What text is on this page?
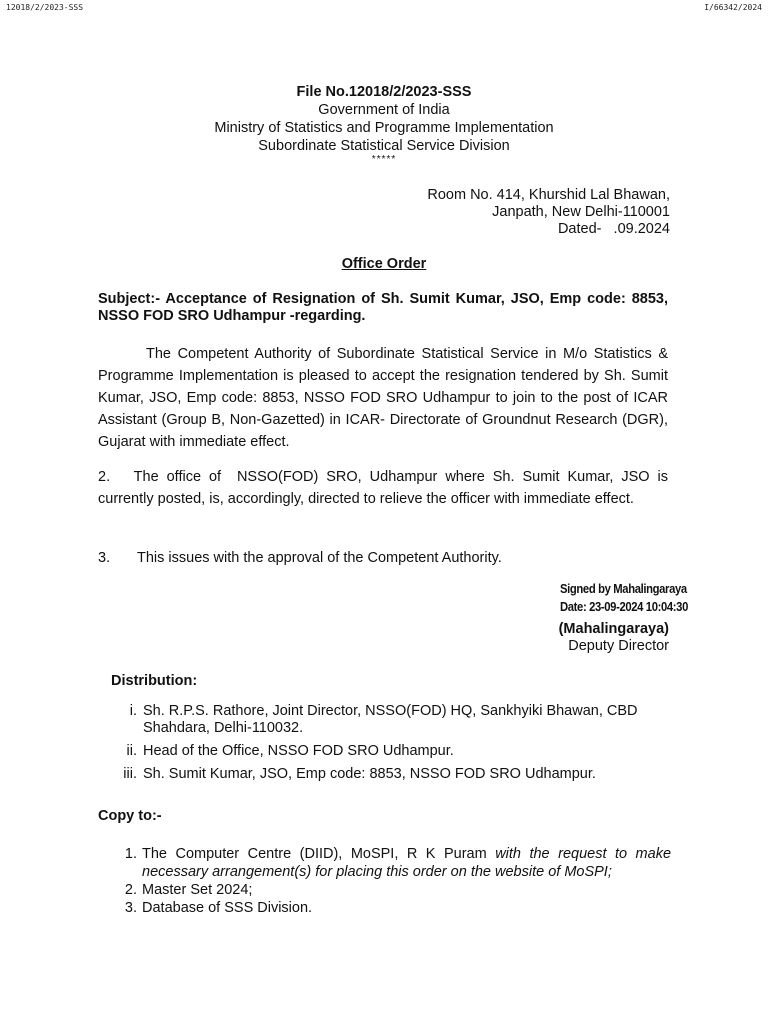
12018/2/2023-SSS	I/66342/2024
File No.12018/2/2023-SSS
Government of India
Ministry of Statistics and Programme Implementation
Subordinate Statistical Service Division
*****
Room No. 414, Khurshid Lal Bhawan,
Janpath, New Delhi-110001
Dated-   .09.2024
Office Order
Subject:- Acceptance of Resignation of Sh. Sumit Kumar, JSO, Emp code: 8853, NSSO FOD SRO Udhampur -regarding.
The Competent Authority of Subordinate Statistical Service in M/o Statistics & Programme Implementation is pleased to accept the resignation tendered by Sh. Sumit Kumar, JSO, Emp code: 8853, NSSO FOD SRO Udhampur to join to the post of ICAR Assistant (Group B, Non-Gazetted) in ICAR- Directorate of Groundnut Research (DGR), Gujarat with immediate effect.
2.   The office of  NSSO(FOD) SRO, Udhampur where Sh. Sumit Kumar, JSO is currently posted, is, accordingly, directed to relieve the officer with immediate effect.
3. This issues with the approval of the Competent Authority.
Signed by Mahalingaraya
Date: 23-09-2024 10:04:30
(Mahalingaraya)
Deputy Director
Distribution:
i. Sh. R.P.S. Rathore, Joint Director, NSSO(FOD) HQ, Sankhyiki Bhawan, CBD Shahdara, Delhi-110032.
ii. Head of the Office, NSSO FOD SRO Udhampur.
iii. Sh. Sumit Kumar, JSO, Emp code: 8853, NSSO FOD SRO Udhampur.
Copy to:-
1. The Computer Centre (DIID), MoSPI, R K Puram with the request to make necessary arrangement(s) for placing this order on the website of MoSPI;
2. Master Set 2024;
3. Database of SSS Division.
